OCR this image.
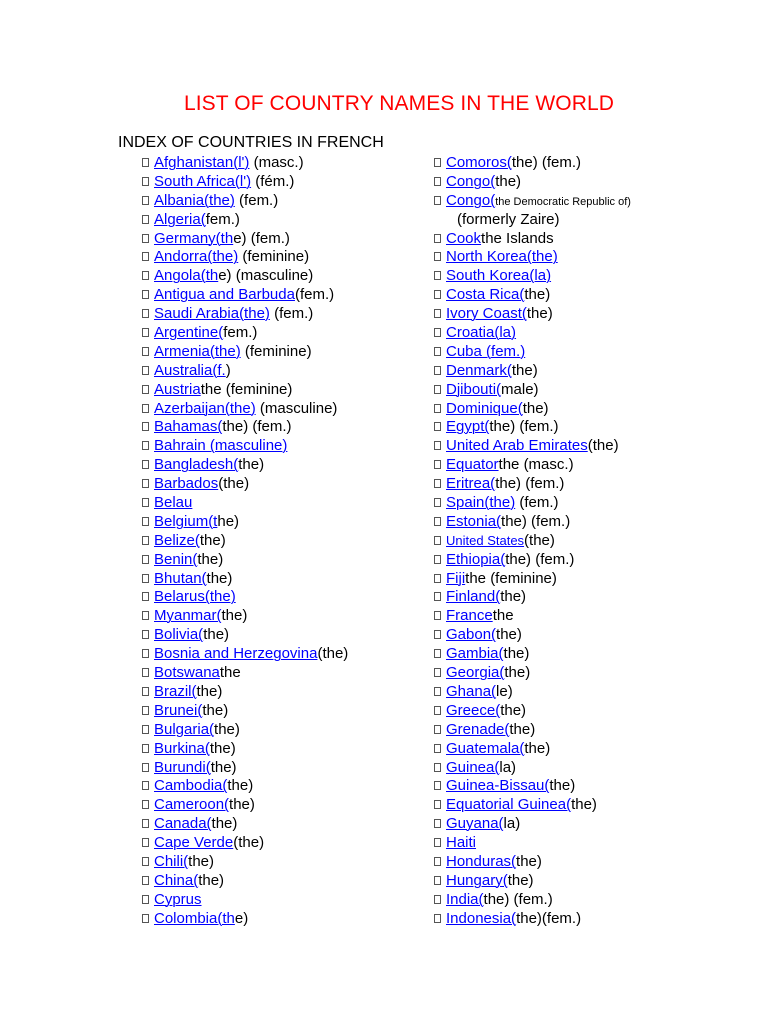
LIST OF COUNTRY NAMES IN THE WORLD
INDEX OF COUNTRIES IN FRENCH
Afghanistan(l') (masc.)
South Africa(l') (fém.)
Albania(the) (fem.)
Algeria(fem.)
Germany(the) (fem.)
Andorra(the) (feminine)
Angola(the) (masculine)
Antigua and Barbuda(fem.)
Saudi Arabia(the) (fem.)
Argentine(fem.)
Armenia(the) (feminine)
Australia(f.)
Austriathe (feminine)
Azerbaijan(the) (masculine)
Bahamas(the) (fem.)
Bahrain (masculine)
Bangladesh(the)
Barbados(the)
Belau
Belgium(the)
Belize(the)
Benin(the)
Bhutan(the)
Belarus(the)
Myanmar(the)
Bolivia(the)
Bosnia and Herzegovina(the)
Botswanathe
Brazil(the)
Brunei(the)
Bulgaria(the)
Burkina(the)
Burundi(the)
Cambodia(the)
Cameroon(the)
Canada(the)
Cape Verde(the)
Chili(the)
China(the)
Cyprus
Colombia(the)
Comoros(the) (fem.)
Congo(the)
Congo(the Democratic Republic of)
(formerly Zaire)
Cookthe Islands
North Korea(the)
South Korea(la)
Costa Rica(the)
Ivory Coast(the)
Croatia(la)
Cuba (fem.)
Denmark(the)
Djibouti(male)
Dominique(the)
Egypt(the) (fem.)
United Arab Emirates(the)
Equatorthe (masc.)
Eritrea(the) (fem.)
Spain(the) (fem.)
Estonia(the) (fem.)
United States(the)
Ethiopia(the) (fem.)
Fijithe (feminine)
Finland(the)
Francethe
Gabon(the)
Gambia(the)
Georgia(the)
Ghana(le)
Greece(the)
Grenade(the)
Guatemala(the)
Guinea(la)
Guinea-Bissau(the)
Equatorial Guinea(the)
Guyana(la)
Haiti
Honduras(the)
Hungary(the)
India(the) (fem.)
Indonesia(the)(fem.)
